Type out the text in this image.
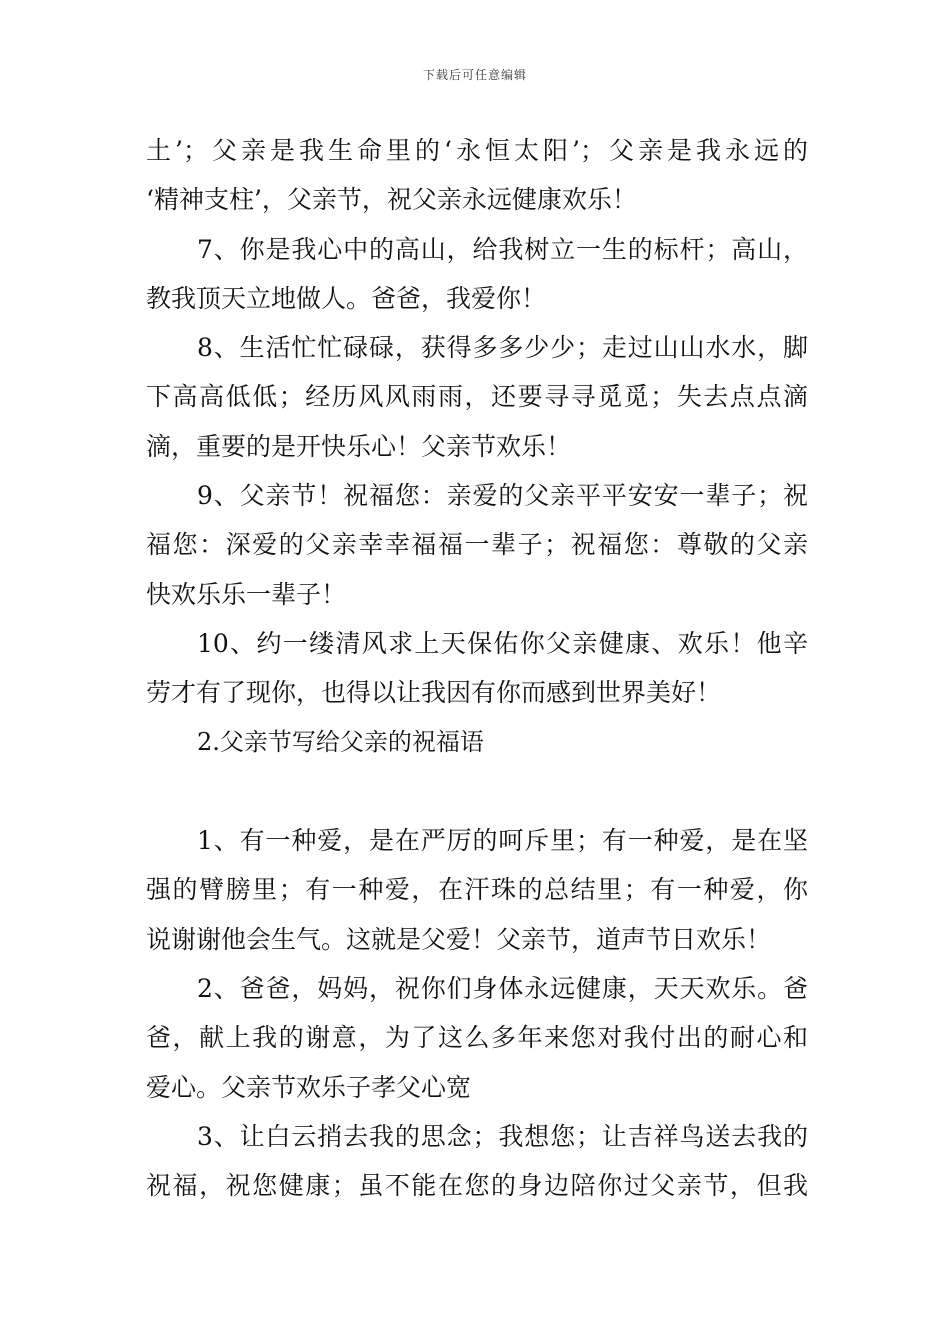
下载后可任意编辑
土’；父亲是我生命里的‘永恒太阳’；父亲是我永远的
‘精神支柱’，父亲节，祝父亲永远健康欢乐！
7、你是我心中的高山，给我树立一生的标杆；高山，
教我顶天立地做人。爸爸，我爱你！
8、生活忙忙碌碌，获得多多少少；走过山山水水，脚
下高高低低；经历风风雨雨，还要寻寻觅觅；失去点点滴
滴，重要的是开快乐心！父亲节欢乐！
9、父亲节！祝福您：亲爱的父亲平平安安一辈子；祝
福您：深爱的父亲幸幸福福一辈子；祝福您：尊敬的父亲
快欢乐乐一辈子！
10、约一缕清风求上天保佑你父亲健康、欢乐！他辛
劳才有了现你，也得以让我因有你而感到世界美好！
2.父亲节写给父亲的祝福语
1、有一种爱，是在严厉的呵斥里；有一种爱，是在坚
强的臂膀里；有一种爱，在汗珠的总结里；有一种爱，你
说谢谢他会生气。这就是父爱！父亲节，道声节日欢乐！
2、爸爸，妈妈，祝你们身体永远健康，天天欢乐。爸
爸，献上我的谢意，为了这么多年来您对我付出的耐心和
爱心。父亲节欢乐子孝父心宽
3、让白云捎去我的思念；我想您；让吉祥鸟送去我的
祝福，祝您健康；虽不能在您的身边陪你过父亲节，但我
